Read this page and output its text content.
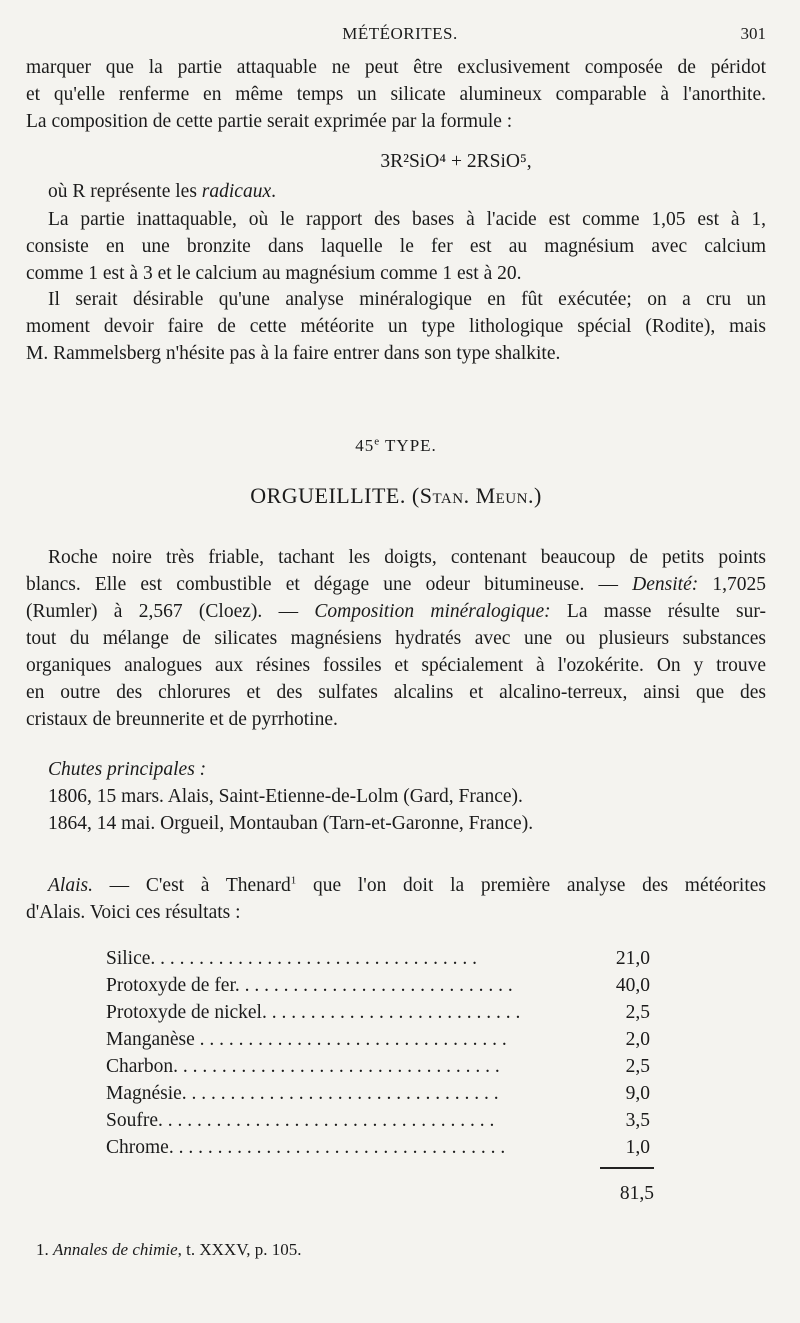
MÉTÉORITES.	301

marquer que la partie attaquable ne peut être exclusivement composée de péridot

et qu'elle renferme en même temps un silicate alumineux comparable à l'anorthite.

La composition de cette partie serait exprimée par la formule :

3R²SiO⁴ + 2RSiO⁵,
où R représente les radicaux.

La partie inattaquable, où le rapport des bases à l'acide est comme 1,05 est à 1,

consiste en une bronzite dans laquelle le fer est au magnésium avec calcium

comme 1 est à 3 et le calcium au magnésium comme 1 est à 20.

Il serait désirable qu'une analyse minéralogique en fût exécutée; on a cru un

moment devoir faire de cette météorite un type lithologique spécial (Rodite), mais

M. Rammelsberg n'hésite pas à la faire entrer dans son type shalkite.

45e TYPE.
ORGUEILLITE. (Stan. Meun.)

Roche noire très friable, tachant les doigts, contenant beaucoup de petits points

blancs. Elle est combustible et dégage une odeur bitumineuse. — Densité: 1,7025

(Rumler) à 2,567 (Cloez). — Composition minéralogique: La masse résulte sur-

tout du mélange de silicates magnésiens hydratés avec une ou plusieurs substances

organiques analogues aux résines fossiles et spécialement à l'ozokérite. On y trouve

en outre des chlorures et des sulfates alcalins et alcalino-terreux, ainsi que des

cristaux de breunnerite et de pyrrhotine.

Chutes principales :

1806, 15 mars. Alais, Saint-Etienne-de-Lolm (Gard, France).

1864, 14 mai. Orgueil, Montauban (Tarn-et-Garonne, France).

Alais. — C'est à Thenard$^1$ que l'on doit la première analyse des météorites

d'Alais. Voici ces résultats :

Silice. . . . . . . . . . . . . . . . . . . . . . . . . . . . . . . . . .	21,0
Protoxyde de fer. . . . . . . . . . . . . . . . . . . . . . . . . . . . .	40,0
Protoxyde de nickel. . . . . . . . . . . . . . . . . . . . . . . . . . .	2,5
Manganèse . . . . . . . . . . . . . . . . . . . . . . . . . . . . . . . .	2,0
Charbon. . . . . . . . . . . . . . . . . . . . . . . . . . . . . . . . . .	2,5
Magnésie. . . . . . . . . . . . . . . . . . . . . . . . . . . . . . . . .	9,0
Soufre. . . . . . . . . . . . . . . . . . . . . . . . . . . . . . . . . . .	3,5
Chrome. . . . . . . . . . . . . . . . . . . . . . . . . . . . . . . . . . .	1,0
81,5
1. Annales de chimie, t. XXXV, p. 105.
